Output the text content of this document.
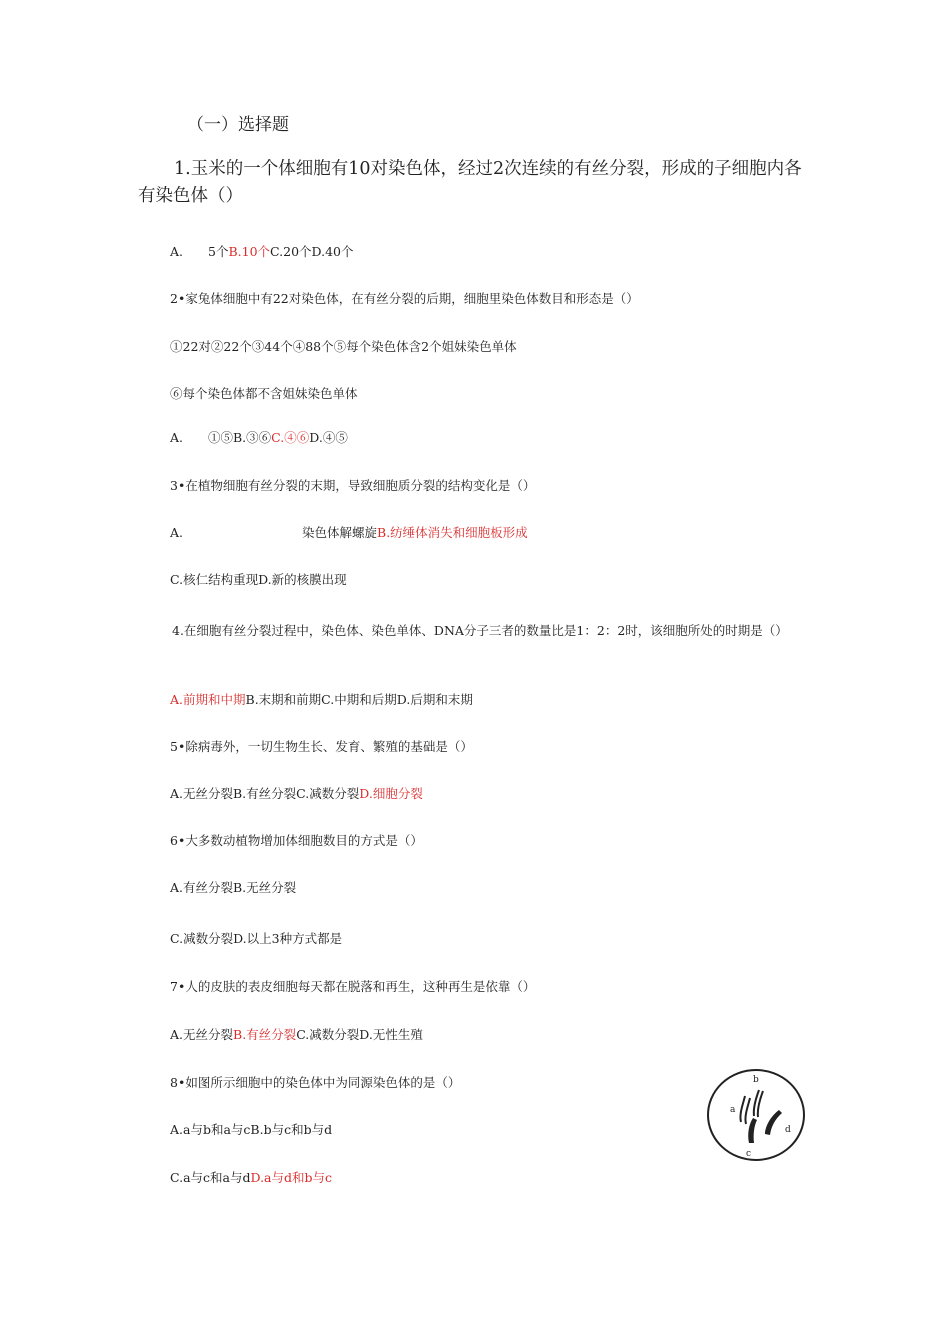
（一）选择题
1.玉米的一个体细胞有10对染色体，经过2次连续的有丝分裂，形成的子细胞内各有染色体（）
A.　　5个B.10个C.20个D.40个
2•家兔体细胞中有22对染色体，在有丝分裂的后期，细胞里染色体数目和形态是（）
①22对②22个③44个④88个⑤每个染色体含2个姐妹染色单体
⑥每个染色体都不含姐妹染色单体
A.　　①⑤B.③⑥C.④⑥D.④⑤
3•在植物细胞有丝分裂的末期，导致细胞质分裂的结构变化是（）
A.	染色体解螺旋B.纺缍体消失和细胞板形成
C.核仁结构重现D.新的核膜出现
4.在细胞有丝分裂过程中，染色体、染色单体、DNA分子三者的数量比是1：2：2时，该细胞所处的时期是（）
A.前期和中期B.末期和前期C.中期和后期D.后期和末期
5•除病毒外，一切生物生长、发育、繁殖的基础是（）
A.无丝分裂B.有丝分裂C.减数分裂D.细胞分裂
6•大多数动植物增加体细胞数目的方式是（）
A.有丝分裂B.无丝分裂
C.减数分裂D.以上3种方式都是
7•人的皮肤的表皮细胞每天都在脱落和再生，这种再生是依靠（）
A.无丝分裂B.有丝分裂C.减数分裂D.无性生殖
8•如图所示细胞中的染色体中为同源染色体的是（）
A.a与b和a与cB.b与c和b与d
C.a与c和a与dD.a与d和b与c
a
b
c
d
